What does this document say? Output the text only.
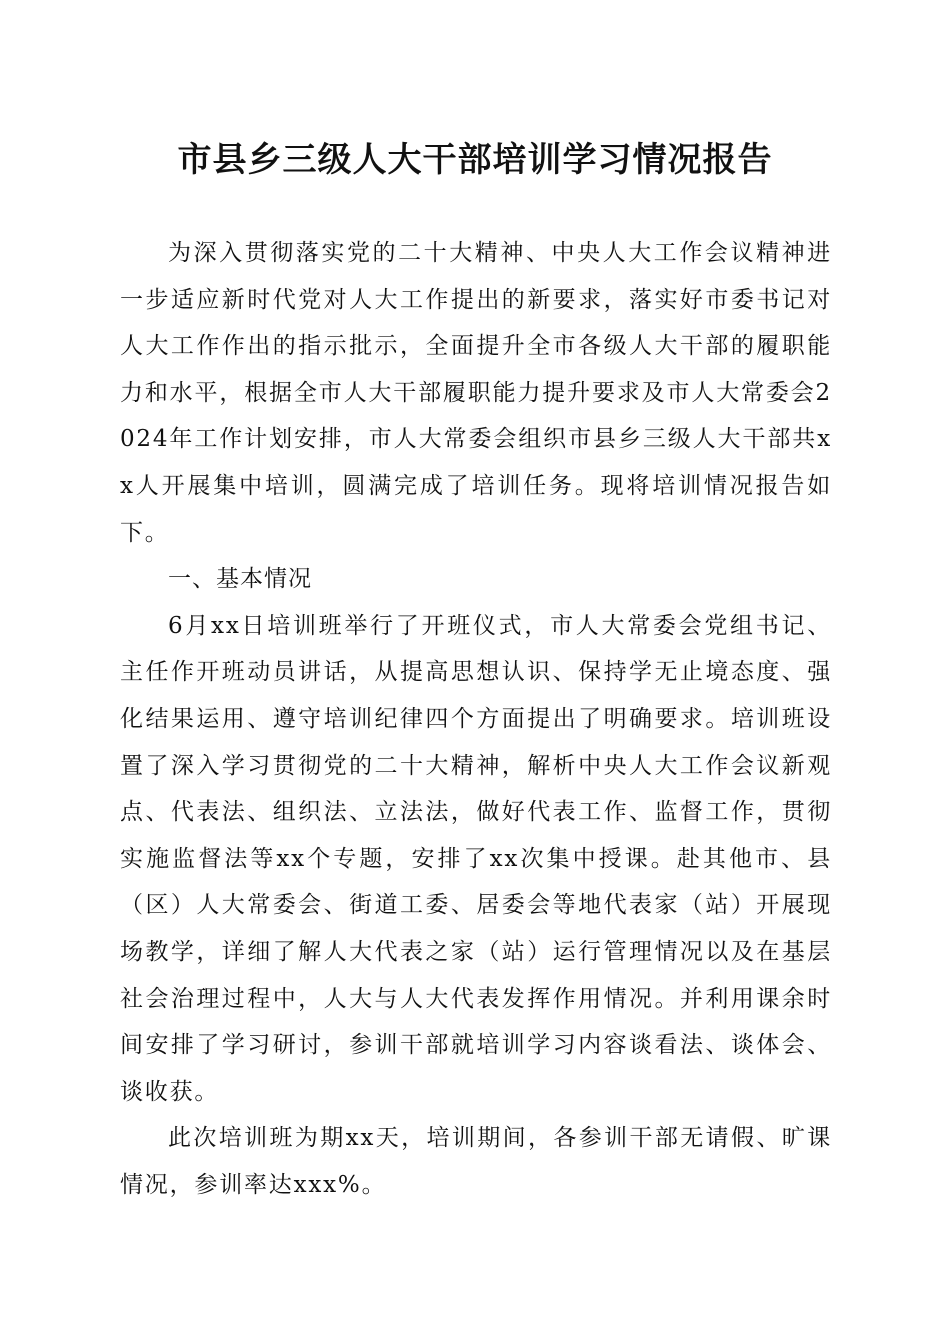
市县乡三级人大干部培训学习情况报告

为深入贯彻落实党的二十大精神、中央人大工作会议精神进一步适应新时代党对人大工作提出的新要求，落实好市委书记对人大工作作出的指示批示，全面提升全市各级人大干部的履职能力和水平，根据全市人大干部履职能力提升要求及市人大常委会2024年工作计划安排，市人大常委会组织市县乡三级人大干部共xx人开展集中培训，圆满完成了培训任务。现将培训情况报告如下。

一、基本情况

6月xx日培训班举行了开班仪式，市人大常委会党组书记、主任作开班动员讲话，从提高思想认识、保持学无止境态度、强化结果运用、遵守培训纪律四个方面提出了明确要求。培训班设置了深入学习贯彻党的二十大精神，解析中央人大工作会议新观点、代表法、组织法、立法法，做好代表工作、监督工作，贯彻实施监督法等xx个专题，安排了xx次集中授课。赴其他市、县（区）人大常委会、街道工委、居委会等地代表家（站）开展现场教学，详细了解人大代表之家（站）运行管理情况以及在基层社会治理过程中，人大与人大代表发挥作用情况。并利用课余时间安排了学习研讨，参训干部就培训学习内容谈看法、谈体会、谈收获。

此次培训班为期xx天，培训期间，各参训干部无请假、旷课情况，参训率达xxx%。
